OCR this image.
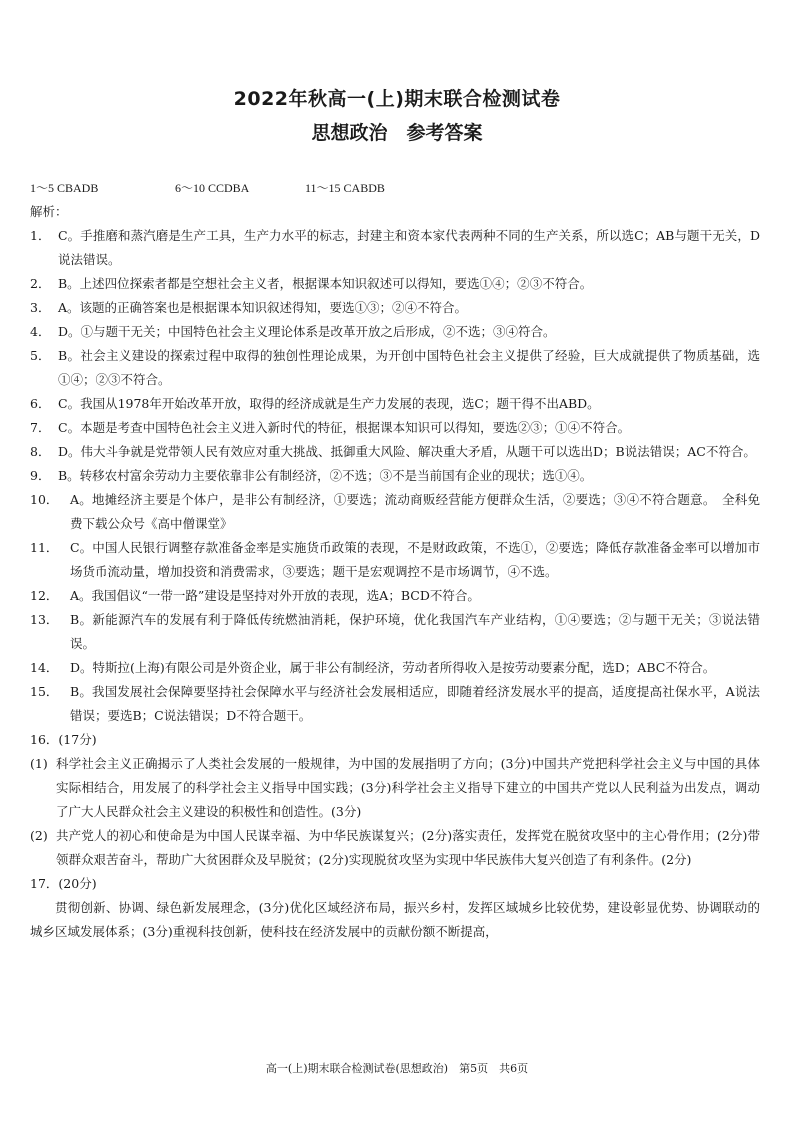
2022年秋高一(上)期末联合检测试卷
思想政治　参考答案
1～5 CBADB	6～10 CCDBA	11～15 CABDB
解析：
1． C。手推磨和蒸汽磨是生产工具，生产力水平的标志，封建主和资本家代表两种不同的生产关系，所以选C；AB与题干无关，D说法错误。
2． B。上述四位探索者都是空想社会主义者，根据课本知识叙述可以得知，要选①④；②③不符合。
3． A。该题的正确答案也是根据课本知识叙述得知，要选①③；②④不符合。
4． D。①与题干无关；中国特色社会主义理论体系是改革开放之后形成，②不选；③④符合。
5． B。社会主义建设的探索过程中取得的独创性理论成果，为开创中国特色社会主义提供了经验，巨大成就提供了物质基础，选①④；②③不符合。
6． C。我国从1978年开始改革开放，取得的经济成就是生产力发展的表现，选C；题干得不出ABD。
7． C。本题是考查中国特色社会主义进入新时代的特征，根据课本知识可以得知，要选②③；①④不符合。
8． D。伟大斗争就是党带领人民有效应对重大挑战、抵御重大风险、解决重大矛盾，从题干可以选出D；B说法错误；AC不符合。
9． B。转移农村富余劳动力主要依靠非公有制经济，②不选；③不是当前国有企业的现状；选①④。
10． A。地摊经济主要是个体户，是非公有制经济，①要选；流动商贩经营能方便群众生活，②要选；③④不符合题意。　全科免费下载公众号《高中僧课堂》
11． C。中国人民银行调整存款准备金率是实施货币政策的表现，不是财政政策，不选①，②要选；降低存款准备金率可以增加市场货币流动量，增加投资和消费需求，③要选；题干是宏观调控不是市场调节，④不选。
12． A。我国倡议“一带一路”建设是坚持对外开放的表现，选A；BCD不符合。
13． B。新能源汽车的发展有利于降低传统燃油消耗，保护环境，优化我国汽车产业结构，①④要选；②与题干无关；③说法错误。
14． D。特斯拉(上海)有限公司是外资企业，属于非公有制经济，劳动者所得收入是按劳动要素分配，选D；ABC不符合。
15． B。我国发展社会保障要坚持社会保障水平与经济社会发展相适应，即随着经济发展水平的提高，适度提高社保水平，A说法错误；要选B；C说法错误；D不符合题干。
16．(17分)
(1) 科学社会主义正确揭示了人类社会发展的一般规律，为中国的发展指明了方向；(3分)中国共产党把科学社会主义与中国的具体实际相结合，用发展了的科学社会主义指导中国实践；(3分)科学社会主义指导下建立的中国共产党以人民利益为出发点，调动了广大人民群众社会主义建设的积极性和创造性。(3分)
(2) 共产党人的初心和使命是为中国人民谋幸福、为中华民族谋复兴；(2分)落实责任，发挥党在脱贫攻坚中的主心骨作用；(2分)带领群众艰苦奋斗，帮助广大贫困群众及早脱贫；(2分)实现脱贫攻坚为实现中华民族伟大复兴创造了有利条件。(2分)
17．(20分)
贯彻创新、协调、绿色新发展理念，(3分)优化区域经济布局，振兴乡村，发挥区域城乡比较优势，建设彰显优势、协调联动的城乡区域发展体系；(3分)重视科技创新，使科技在经济发展中的贡献份额不断提高，
高一(上)期末联合检测试卷(思想政治)　第5页　共6页
